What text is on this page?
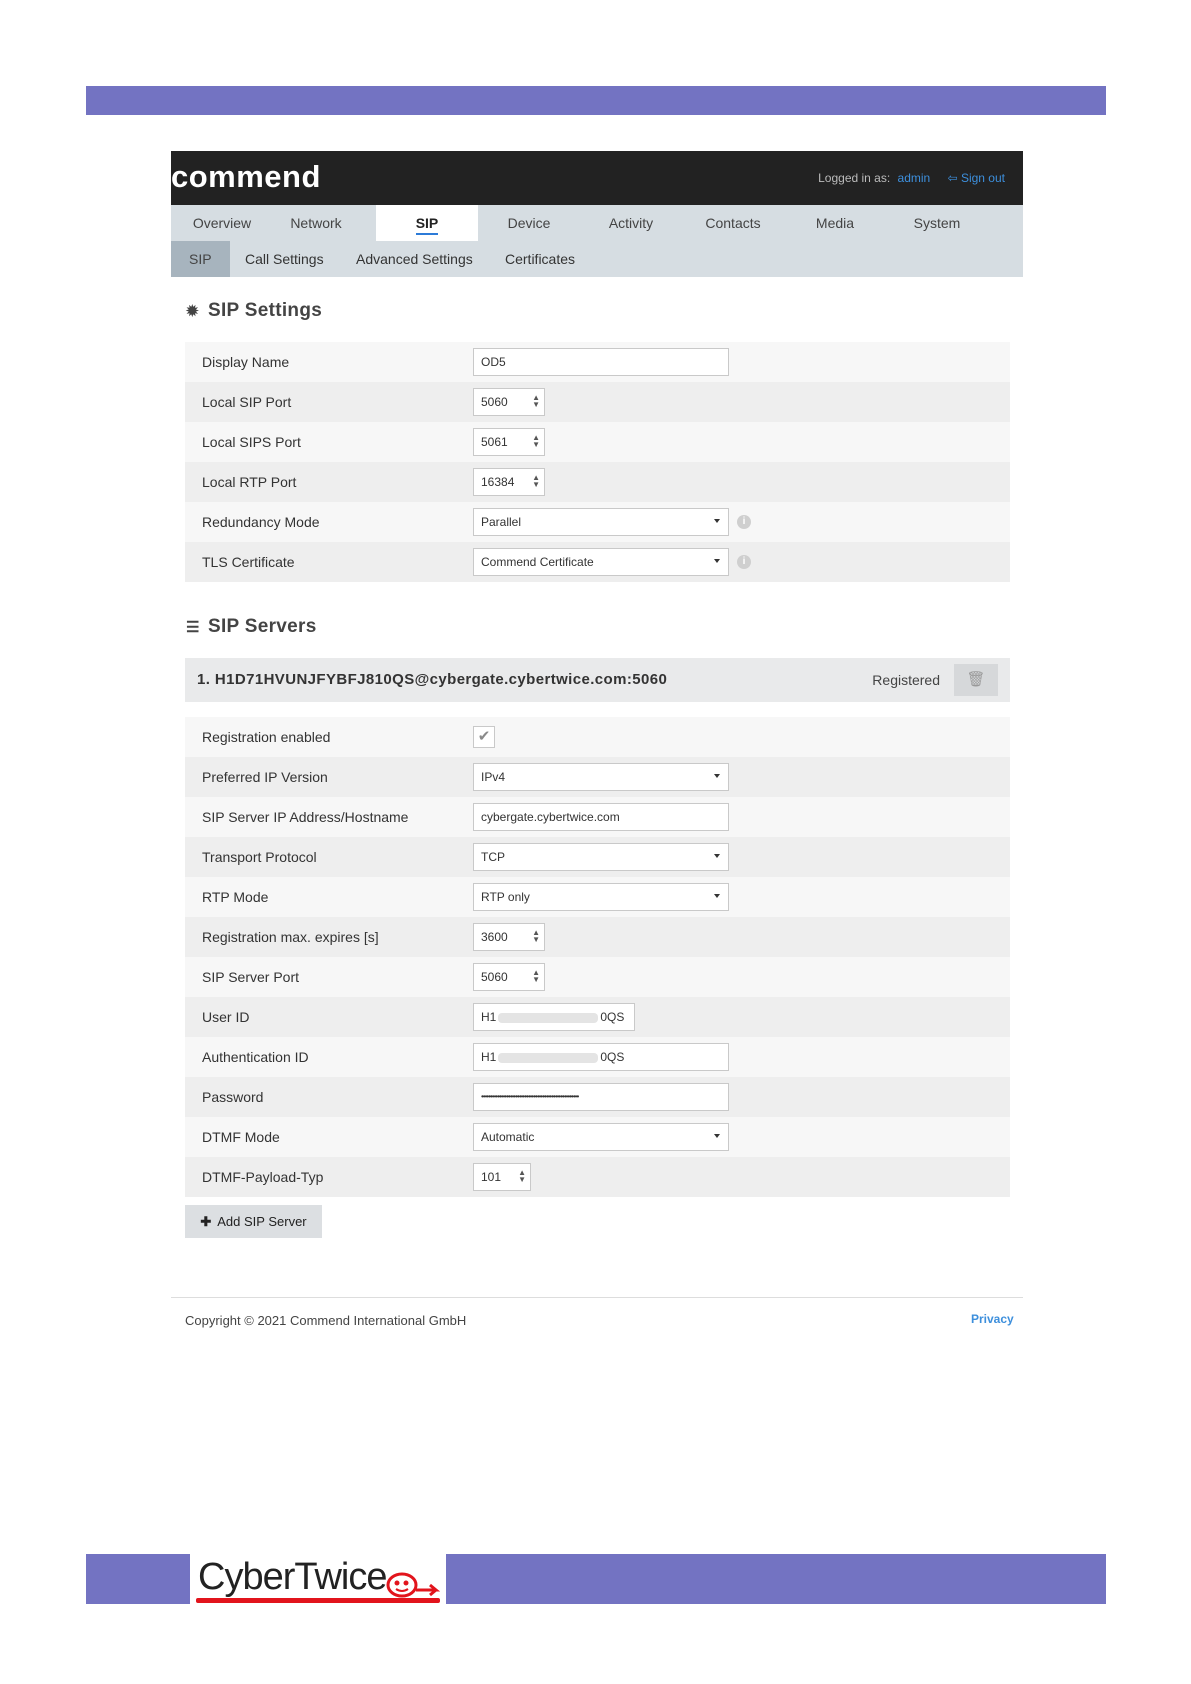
commend	Logged in as: admin ⇦ Sign out
Overview	Network	SIP	Device	Activity	Contacts	Media	System
SIP	Call Settings Advanced Settings Certificates
✹ SIP Settings
Display Name	OD5
Local SIP Port	5060	▲
▼
Local SIPS Port	5061	▲
▼
Local RTP Port	16384 ▲
▼
Redundancy Mode	Parallel	i
TLS Certificate	Commend Certificate	i
☰ SIP Servers
1. H1D71HVUNJFYBFJ810QS@cybergate.cybertwice.com:5060	Registered	🗑
Registration enabled	✔
Preferred IP Version	IPv4
SIP Server IP Address/Hostname	cybergate.cybertwice.com
Transport Protocol	TCP
RTP Mode	RTP only
Registration max. expires [s]	3600	▲
▼
SIP Server Port	5060	▲
▼
User ID	H1	0QS
Authentication ID	H1	0QS
Password	••••••••••••••••••••••••••••••••••••••••••••••••••••••
DTMF Mode	Automatic
DTMF-Payload-Typ	101 ▲
▼
✚ Add SIP Server
Copyright © 2021 Commend International GmbH	Privacy
CyberTwice
